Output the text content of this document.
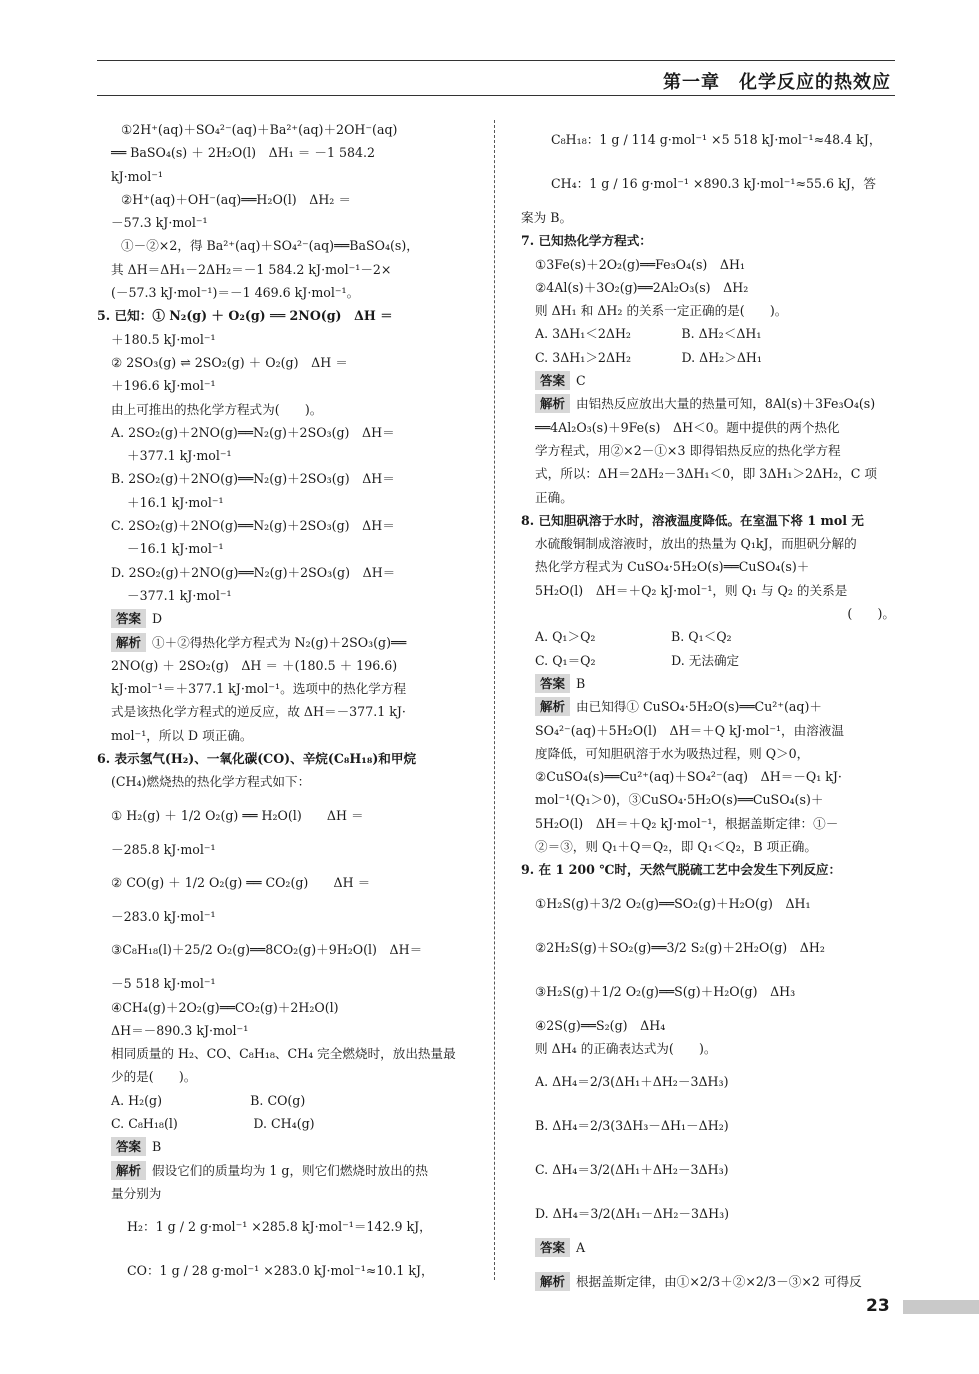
第一章　化学反应的热效应
①2H⁺(aq)＋SO₄²⁻(aq)＋Ba²⁺(aq)＋2OH⁻(aq)
══ BaSO₄(s) ＋ 2H₂O(l)　ΔH₁ ＝ －1 584.2
kJ·mol⁻¹
②H⁺(aq)＋OH⁻(aq)══H₂O(l)　ΔH₂ ＝
－57.3 kJ·mol⁻¹
①－②×2，得 Ba²⁺(aq)＋SO₄²⁻(aq)══BaSO₄(s)，
其 ΔH＝ΔH₁－2ΔH₂＝－1 584.2 kJ·mol⁻¹－2×
(－57.3 kJ·mol⁻¹)＝－1 469.6 kJ·mol⁻¹。
5. 已知：① N₂(g) ＋ O₂(g) ══ 2NO(g)　ΔH ＝
＋180.5 kJ·mol⁻¹
② 2SO₃(g) ⇌ 2SO₂(g) ＋ O₂(g)　ΔH ＝
＋196.6 kJ·mol⁻¹
由上可推出的热化学方程式为(　　)。
A. 2SO₂(g)＋2NO(g)══N₂(g)＋2SO₃(g)　ΔH＝
＋377.1 kJ·mol⁻¹
B. 2SO₂(g)＋2NO(g)══N₂(g)＋2SO₃(g)　ΔH＝
＋16.1 kJ·mol⁻¹
C. 2SO₂(g)＋2NO(g)══N₂(g)＋2SO₃(g)　ΔH＝
－16.1 kJ·mol⁻¹
D. 2SO₂(g)＋2NO(g)══N₂(g)＋2SO₃(g)　ΔH＝
－377.1 kJ·mol⁻¹
答案 D
解析 ①＋②得热化学方程式为 N₂(g)＋2SO₃(g)══
2NO(g) ＋ 2SO₂(g)　ΔH ＝ ＋(180.5 ＋ 196.6)
kJ·mol⁻¹＝＋377.1 kJ·mol⁻¹。选项中的热化学方程
式是该热化学方程式的逆反应，故 ΔH＝－377.1 kJ·
mol⁻¹，所以 D 项正确。
6. 表示氢气(H₂)、一氧化碳(CO)、辛烷(C₈H₁₈)和甲烷
(CH₄)燃烧热的热化学方程式如下：
① H₂(g) ＋ 1/2 O₂(g) ══ H₂O(l)　　ΔH ＝
－285.8 kJ·mol⁻¹
② CO(g) ＋ 1/2 O₂(g) ══ CO₂(g)　　ΔH ＝
－283.0 kJ·mol⁻¹
③C₈H₁₈(l)＋25/2 O₂(g)══8CO₂(g)＋9H₂O(l)　ΔH＝
－5 518 kJ·mol⁻¹
④CH₄(g)＋2O₂(g)══CO₂(g)＋2H₂O(l)
ΔH＝－890.3 kJ·mol⁻¹
相同质量的 H₂、CO、C₈H₁₈、CH₄ 完全燃烧时，放出热量最
少的是(　　)。
A. H₂(g)　　　　　　　B. CO(g)
C. C₈H₁₈(l)　　　　　　D. CH₄(g)
答案 B
解析 假设它们的质量均为 1 g，则它们燃烧时放出的热
量分别为
H₂：1 g / 2 g·mol⁻¹ ×285.8 kJ·mol⁻¹＝142.9 kJ，
CO：1 g / 28 g·mol⁻¹ ×283.0 kJ·mol⁻¹≈10.1 kJ，
C₈H₁₈：1 g / 114 g·mol⁻¹ ×5 518 kJ·mol⁻¹≈48.4 kJ，
CH₄：1 g / 16 g·mol⁻¹ ×890.3 kJ·mol⁻¹≈55.6 kJ，答
案为 B。
7. 已知热化学方程式：
①3Fe(s)＋2O₂(g)══Fe₃O₄(s)　ΔH₁
②4Al(s)＋3O₂(g)══2Al₂O₃(s)　ΔH₂
则 ΔH₁ 和 ΔH₂ 的关系一定正确的是(　　)。
A. 3ΔH₁＜2ΔH₂　　　　B. ΔH₂＜ΔH₁
C. 3ΔH₁＞2ΔH₂　　　　D. ΔH₂＞ΔH₁
答案 C
解析 由铝热反应放出大量的热量可知，8Al(s)＋3Fe₃O₄(s)
══4Al₂O₃(s)＋9Fe(s)　ΔH＜0。题中提供的两个热化
学方程式，用②×2－①×3 即得铝热反应的热化学方程
式，所以：ΔH＝2ΔH₂－3ΔH₁＜0，即 3ΔH₁＞2ΔH₂，C 项
正确。
8. 已知胆矾溶于水时，溶液温度降低。在室温下将 1 mol 无
水硫酸铜制成溶液时，放出的热量为 Q₁kJ，而胆矾分解的
热化学方程式为 CuSO₄·5H₂O(s)══CuSO₄(s)＋
5H₂O(l)　ΔH＝＋Q₂ kJ·mol⁻¹，则 Q₁ 与 Q₂ 的关系是
(　　)。
A. Q₁＞Q₂　　　　　　B. Q₁＜Q₂
C. Q₁＝Q₂　　　　　　D. 无法确定
答案 B
解析 由已知得① CuSO₄·5H₂O(s)══Cu²⁺(aq)＋
SO₄²⁻(aq)＋5H₂O(l)　ΔH＝＋Q kJ·mol⁻¹，由溶液温
度降低，可知胆矾溶于水为吸热过程，则 Q＞0，
②CuSO₄(s)══Cu²⁺(aq)＋SO₄²⁻(aq)　ΔH＝－Q₁ kJ·
mol⁻¹(Q₁＞0)，③CuSO₄·5H₂O(s)══CuSO₄(s)＋
5H₂O(l)　ΔH＝＋Q₂ kJ·mol⁻¹，根据盖斯定律：①－
②＝③，则 Q₁＋Q＝Q₂，即 Q₁＜Q₂，B 项正确。
9. 在 1 200 ℃时，天然气脱硫工艺中会发生下列反应：
①H₂S(g)＋3/2 O₂(g)══SO₂(g)＋H₂O(g)　ΔH₁
②2H₂S(g)＋SO₂(g)══3/2 S₂(g)＋2H₂O(g)　ΔH₂
③H₂S(g)＋1/2 O₂(g)══S(g)＋H₂O(g)　ΔH₃
④2S(g)══S₂(g)　ΔH₄
则 ΔH₄ 的正确表达式为(　　)。
A. ΔH₄＝2/3(ΔH₁＋ΔH₂－3ΔH₃)
B. ΔH₄＝2/3(3ΔH₃－ΔH₁－ΔH₂)
C. ΔH₄＝3/2(ΔH₁＋ΔH₂－3ΔH₃)
D. ΔH₄＝3/2(ΔH₁－ΔH₂－3ΔH₃)
答案 A
解析 根据盖斯定律，由①×2/3＋②×2/3－③×2 可得反
23
